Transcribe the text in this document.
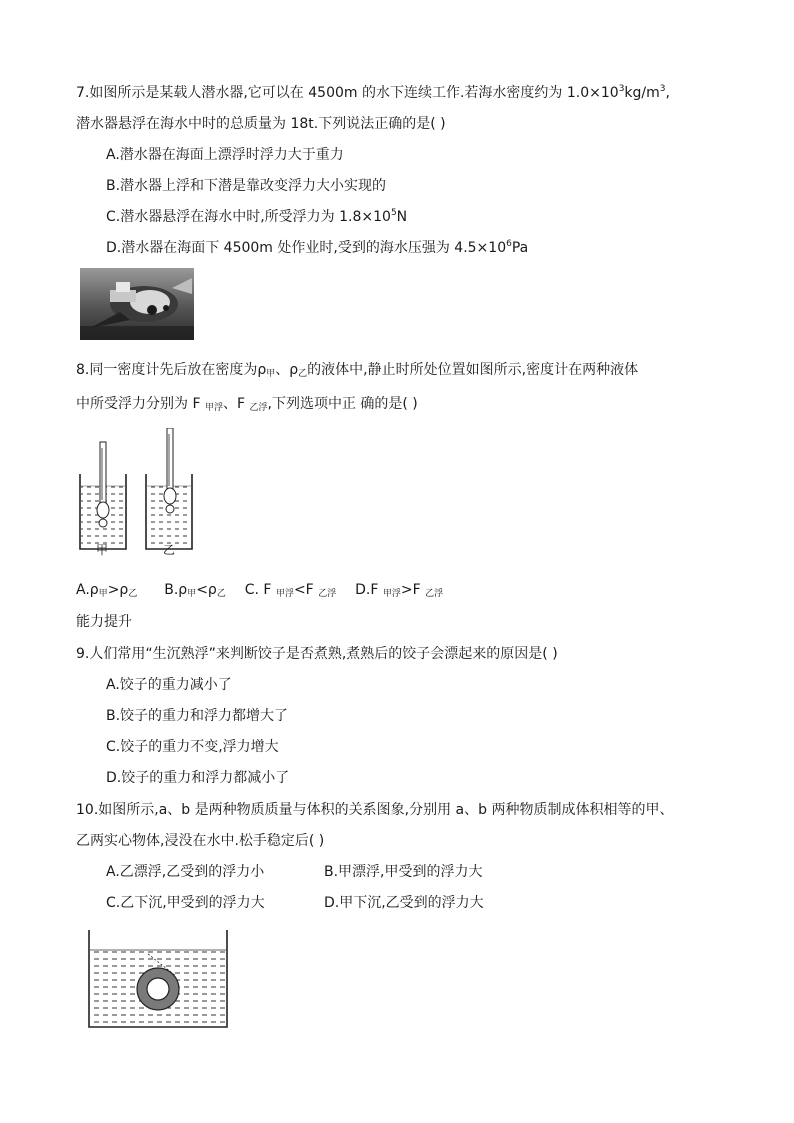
7.如图所示是某载人潜水器,它可以在 4500m 的水下连续工作.若海水密度约为 $1.0\times 10^3kg/m^3$,
潜水器悬浮在海水中时的总质量为 18t.下列说法正确的是( )
A.潜水器在海面上漂浮时浮力大于重力
B.潜水器上浮和下潜是靠改变浮力大小实现的
C.潜水器悬浮在海水中时,所受浮力为 $1.8\times 10^5N$
D.潜水器在海面下 4500m 处作业时,受到的海水压强为 $4.5\times 10^6Pa$
8.同一密度计先后放在密度为$\rho_甲$、$\rho_乙$的液体中,静止时所处位置如图所示,密度计在两种液体
中所受浮力分别为 F $_{甲浮}$、F $_{乙浮}$,下列选项中正 确的是( )
甲	乙
$A.\rho_甲>\rho_乙$ $B.\rho_甲<\rho_乙$ C. F $_{甲浮}$<F $_{乙浮}$ D.F $_{甲浮}$>F $_{乙浮}$
能力提升
9.人们常用“生沉熟浮”来判断饺子是否煮熟,煮熟后的饺子会漂起来的原因是( )
A.饺子的重力减小了
B.饺子的重力和浮力都增大了
C.饺子的重力不变,浮力增大
D.饺子的重力和浮力都减小了
10.如图所示,a、b 是两种物质质量与体积的关系图象,分别用 a、b 两种物质制成体积相等的甲、
乙两实心物体,浸没在水中.松手稳定后( )
A.乙漂浮,乙受到的浮力小	B.甲漂浮,甲受到的浮力大
C.乙下沉,甲受到的浮力大	D.甲下沉,乙受到的浮力大
